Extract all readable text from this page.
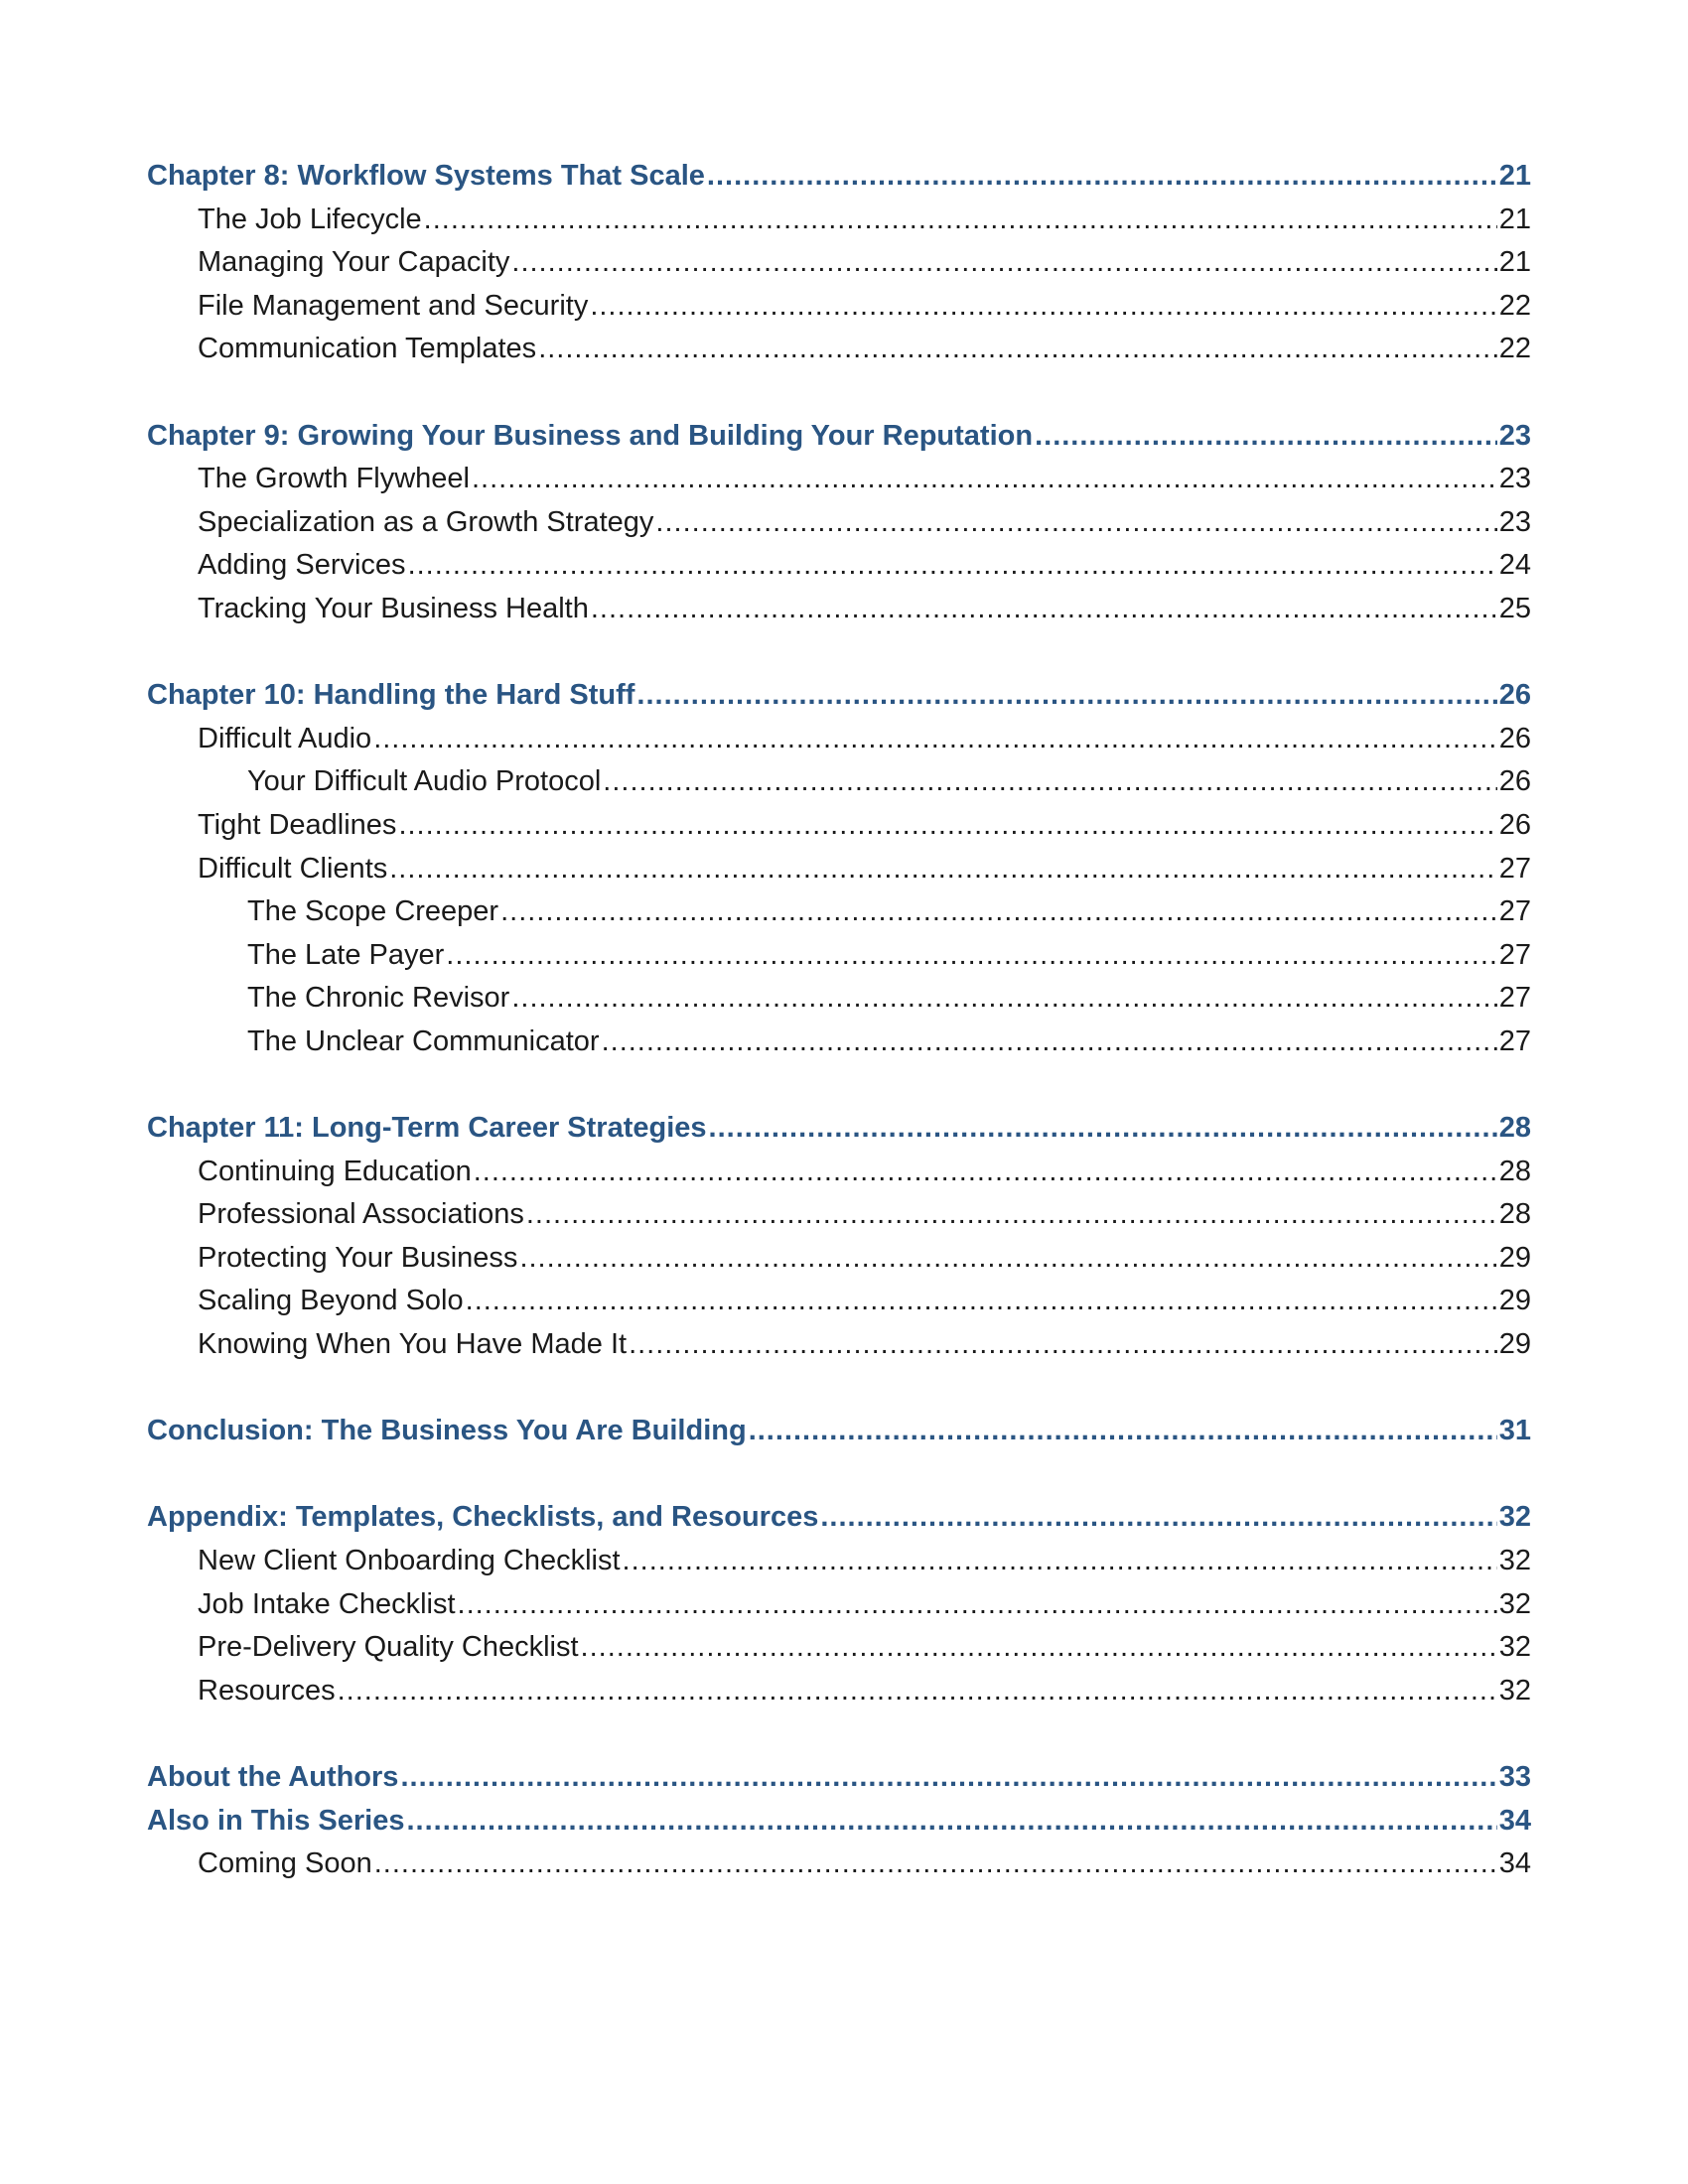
Chapter 8: Workflow Systems That Scale .....	21
The Job Lifecycle .....	21
Managing Your Capacity .....	21
File Management and Security .....	22
Communication Templates .....	22
Chapter 9: Growing Your Business and Building Your Reputation .....	23
The Growth Flywheel .....	23
Specialization as a Growth Strategy .....	23
Adding Services .....	24
Tracking Your Business Health .....	25
Chapter 10: Handling the Hard Stuff .....	26
Difficult Audio .....	26
Your Difficult Audio Protocol .....	26
Tight Deadlines .....	26
Difficult Clients .....	27
The Scope Creeper .....	27
The Late Payer .....	27
The Chronic Revisor .....	27
The Unclear Communicator .....	27
Chapter 11: Long-Term Career Strategies .....	28
Continuing Education .....	28
Professional Associations .....	28
Protecting Your Business .....	29
Scaling Beyond Solo .....	29
Knowing When You Have Made It .....	29
Conclusion: The Business You Are Building .....	31
Appendix: Templates, Checklists, and Resources .....	32
New Client Onboarding Checklist .....	32
Job Intake Checklist .....	32
Pre-Delivery Quality Checklist .....	32
Resources .....	32
About the Authors .....	33
Also in This Series .....	34
Coming Soon .....	34
